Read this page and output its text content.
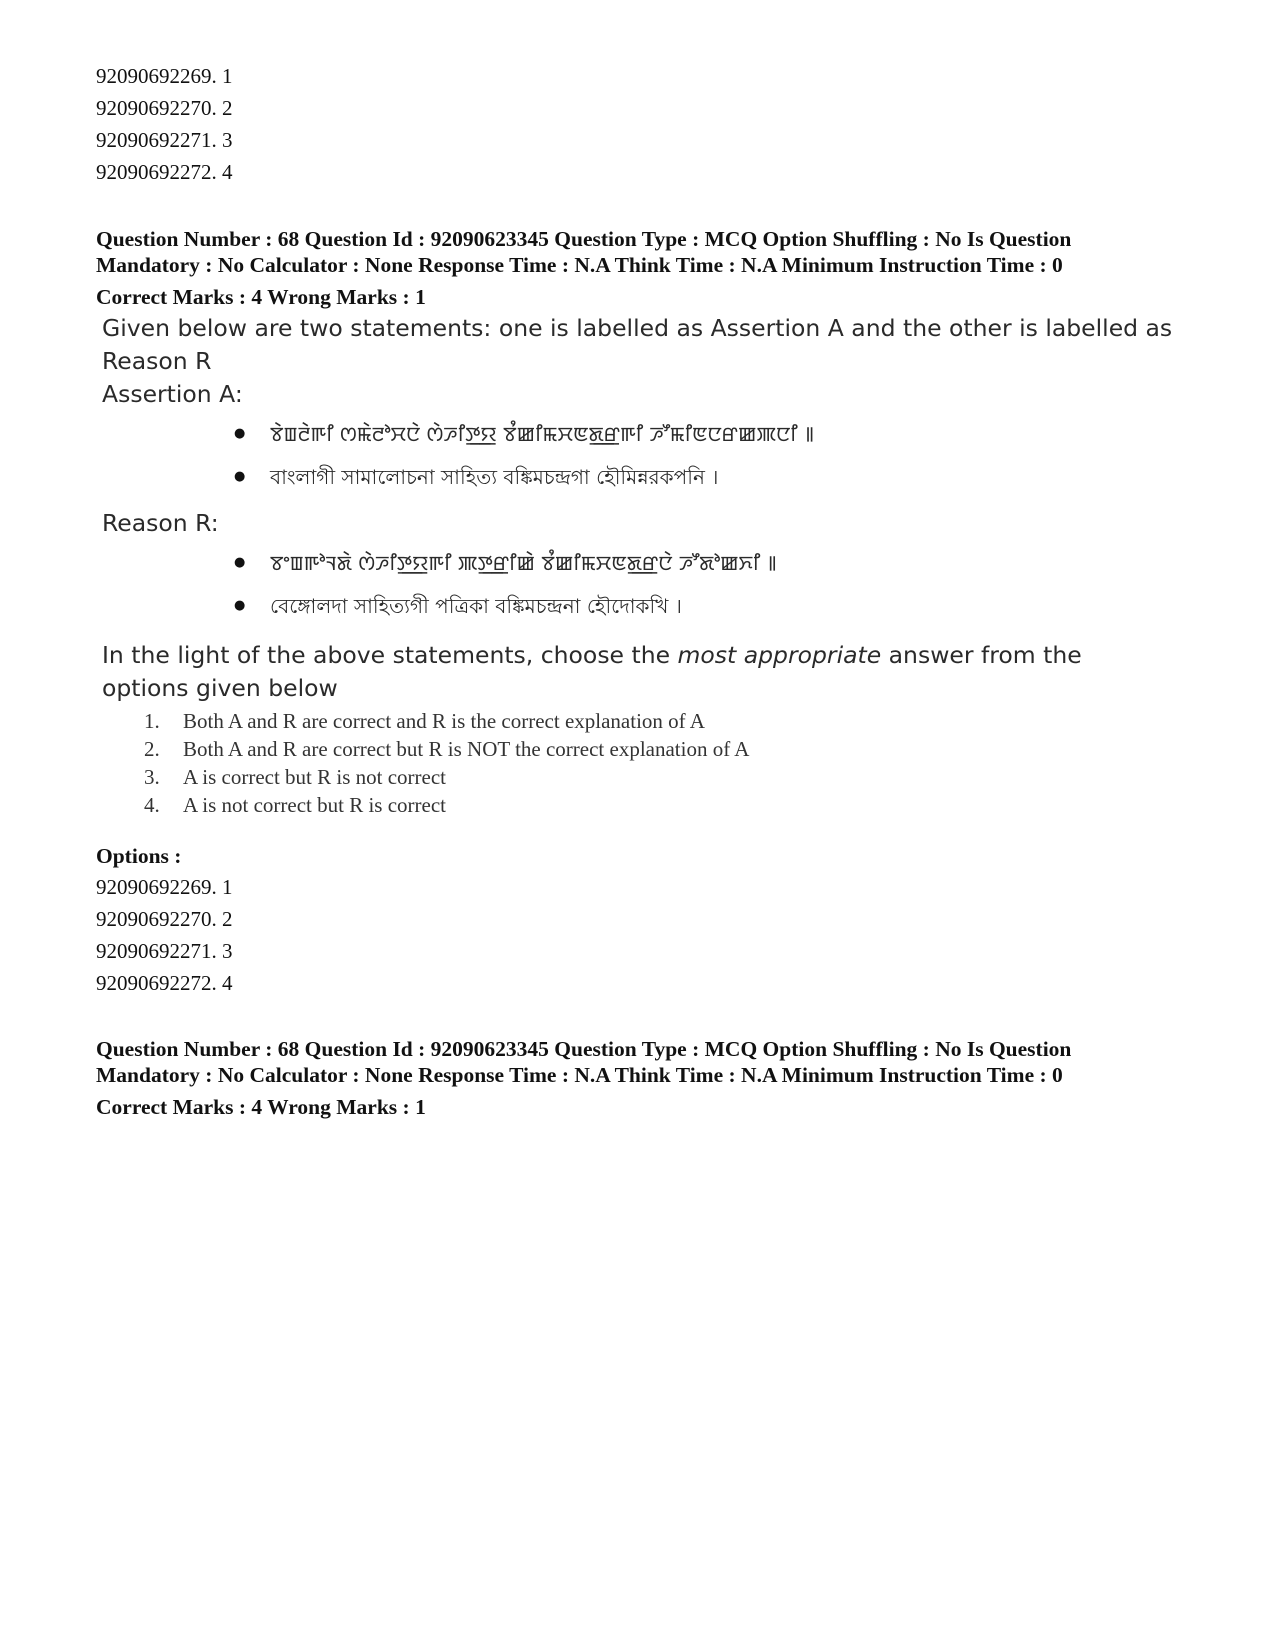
92090692269. 1
92090692270. 2
92090692271. 3
92090692272. 4
Question Number : 68 Question Id : 92090623345 Question Type : MCQ Option Shuffling : No Is Question
Mandatory : No Calculator : None Response Time : N.A Think Time : N.A Minimum Instruction Time : 0
Correct Marks : 4 Wrong Marks : 1
Given below are two statements: one is labelled as Assertion A and the other is labelled as
Reason R
Assertion A:
● ꯕꯥꯡꯂꯥꯒꯤ ꯁꯃꯥꯂꯣꯆꯅꯥ ꯁꯥꯍꯤꯇ꯭ꯌ ꯕꯪꯀꯤꯃꯆꯟꯗ꯭ꯔꯒꯤ ꯍꯧꯃꯤꯟꯅꯔꯀꯄꯅꯤ ꯫
● বাংলাগী সামালোচনা সাহিত্য বঙ্কিমচন্দ্রগা হৌমিন্নরকপনি ।
Reason R:
● ꯕꯦꯡꯒꯣꯜꯗꯥ ꯁꯥꯍꯤꯇ꯭ꯌꯒꯤ ꯄꯇ꯭ꯔꯤꯀꯥ ꯕꯪꯀꯤꯃꯆꯟꯗ꯭ꯔꯅꯥ ꯍꯧꯗꯣꯀꯈꯤ ꯫
● বেঙ্গোলদা সাহিত্যগী পত্রিকা বঙ্কিমচন্দ্রনা হৌদোকখি ।
In the light of the above statements, choose the most appropriate answer from the
options given below
1. Both A and R are correct and R is the correct explanation of A
2. Both A and R are correct but R is NOT the correct explanation of A
3. A is correct but R is not correct
4. A is not correct but R is correct
Options :
92090692269. 1
92090692270. 2
92090692271. 3
92090692272. 4
Question Number : 68 Question Id : 92090623345 Question Type : MCQ Option Shuffling : No Is Question
Mandatory : No Calculator : None Response Time : N.A Think Time : N.A Minimum Instruction Time : 0
Correct Marks : 4 Wrong Marks : 1
